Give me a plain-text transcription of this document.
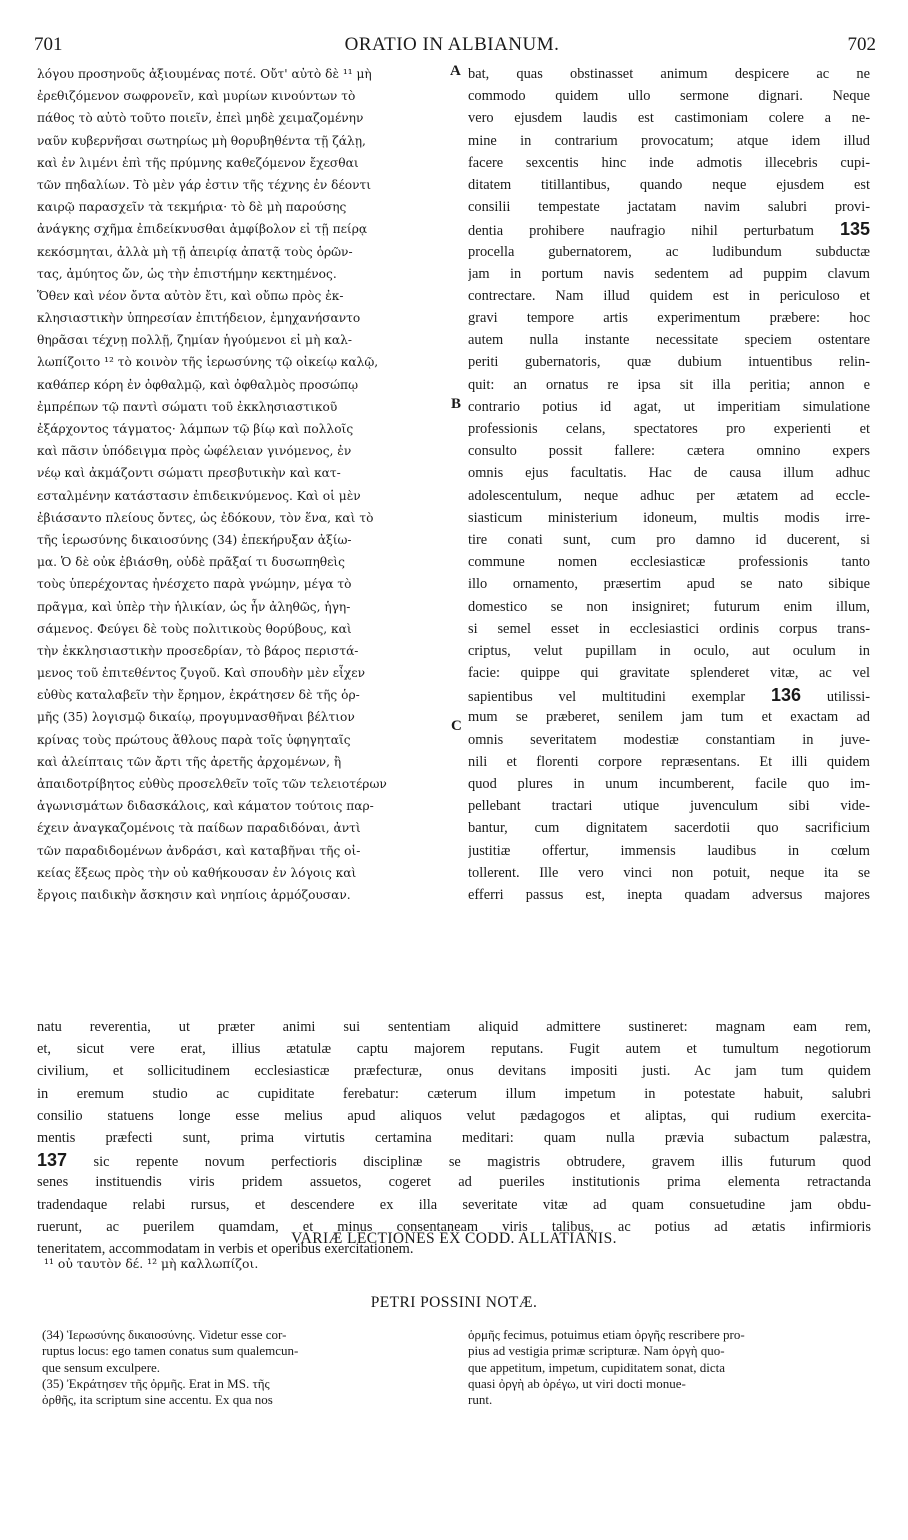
701	ORATIO IN ALBIANUM.	702
λόγου προσηνοῦς ἀξιουμένας ποτέ. Οὔτ' αὐτὸ δὲ ¹¹ μὴ
ἐρεθιζόμενον σωφρονεῖν, καὶ μυρίων κινούντων τὸ
πάθος τὸ αὐτὸ τοῦτο ποιεῖν, ἐπεὶ μηδὲ χειμαζομένην
ναῦν κυβερνῆσαι σωτηρίως μὴ θορυβηθέντα τῇ ζάλῃ,
καὶ ἐν λιμένι ἐπὶ τῆς πρύμνης καθεζόμενον ἔχεσθαι
τῶν πηδαλίων. Τὸ μὲν γάρ ἐστιν τῆς τέχνης ἐν δέοντι
καιρῷ παρασχεῖν τὰ τεκμήρια· τὸ δὲ μὴ παρούσης
ἀνάγκης σχῆμα ἐπιδείκνυσθαι ἀμφίβολον εἰ τῇ πείρᾳ
κεκόσμηται, ἀλλὰ μὴ τῇ ἀπειρίᾳ ἀπατᾷ τοὺς ὁρῶν-
τας, ἀμύητος ὤν, ὡς τὴν ἐπιστήμην κεκτημένος.
Ὅθεν καὶ νέον ὄντα αὐτὸν ἔτι, καὶ οὔπω πρὸς ἐκ-
κλησιαστικὴν ὑπηρεσίαν ἐπιτήδειον, ἐμηχανήσαντο
θηρᾶσαι τέχνῃ πολλῇ, ζημίαν ἡγούμενοι εἰ μὴ καλ-
λωπίζοιτο ¹² τὸ κοινὸν τῆς ἱερωσύνης τῷ οἰκείῳ καλῷ,
καθάπερ κόρη ἐν ὀφθαλμῷ, καὶ ὀφθαλμὸς προσώπῳ
ἐμπρέπων τῷ παντὶ σώματι τοῦ ἐκκλησιαστικοῦ
ἐξάρχοντος τάγματος· λάμπων τῷ βίῳ καὶ πολλοῖς
καὶ πᾶσιν ὑπόδειγμα πρὸς ὠφέλειαν γινόμενος, ἐν
νέῳ καὶ ἀκμάζοντι σώματι πρεσβυτικὴν καὶ κατ-
εσταλμένην κατάστασιν ἐπιδεικνύμενος. Καὶ οἱ μὲν
ἐβιάσαντο πλείους ὄντες, ὡς ἐδόκουν, τὸν ἕνα, καὶ τὸ
τῆς ἱερωσύνης δικαιοσύνης (34) ἐπεκήρυξαν ἀξίω-
μα. Ὁ δὲ οὐκ ἐβιάσθη, οὐδὲ πρᾶξαί τι δυσωπηθεὶς
τοὺς ὑπερέχοντας ἠνέσχετο παρὰ γνώμην, μέγα τὸ
πρᾶγμα, καὶ ὑπὲρ τὴν ἡλικίαν, ὡς ἦν ἀληθῶς, ἡγη-
σάμενος. Φεύγει δὲ τοὺς πολιτικοὺς θορύβους, καὶ
τὴν ἐκκλησιαστικὴν προσεδρίαν, τὸ βάρος περιστά-
μενος τοῦ ἐπιτεθέντος ζυγοῦ. Καὶ σπουδὴν μὲν εἶχεν
εὐθὺς καταλαβεῖν τὴν ἔρημον, ἐκράτησεν δὲ τῆς ὁρ-
μῆς (35) λογισμῷ δικαίῳ, προγυμνασθῆναι βέλτιον
κρίνας τοὺς πρώτους ἄθλους παρὰ τοῖς ὑφηγηταῖς
καὶ ἀλείπταις τῶν ἄρτι τῆς ἀρετῆς ἀρχομένων, ἢ
ἀπαιδοτρίβητος εὐθὺς προσελθεῖν τοῖς τῶν τελειοτέρων
ἀγωνισμάτων διδασκάλοις, καὶ κάματον τούτοις παρ-
έχειν ἀναγκαζομένοις τὰ παίδων παραδιδόναι, ἀντὶ
τῶν παραδιδομένων ἀνδράσι, καὶ καταβῆναι τῆς οἰ-
κείας ἕξεως πρὸς τὴν οὐ καθήκουσαν ἐν λόγοις καὶ
ἔργοις παιδικὴν ἄσκησιν καὶ νηπίοις ἁρμόζουσαν.
bat, quas obstinasset animum despicere ac ne
commodo quidem ullo sermone dignari. Neque
vero ejusdem laudis est castimoniam colere a ne-
mine in contrarium provocatum; atque idem illud
facere sexcentis hinc inde admotis illecebris cupi-
ditatem titillantibus, quando neque ejusdem est
consilii tempestate jactatam navim salubri provi-
dentia prohibere naufragio nihil perturbatum 135
procella gubernatorem, ac ludibundum subductæ
jam in portum navis sedentem ad puppim clavum
contrectare. Nam illud quidem est in periculoso et
gravi tempore artis experimentum præbere: hoc
autem nulla instante necessitate speciem ostentare
periti gubernatoris, quæ dubium intuentibus relin-
quit: an ornatus re ipsa sit illa peritia; annon e
contrario potius id agat, ut imperitiam simulatione
professionis celans, spectatores pro experienti et
consulto possit fallere: cætera omnino expers
omnis ejus facultatis. Hac de causa illum adhuc
adolescentulum, neque adhuc per ætatem ad eccle-
siasticum ministerium idoneum, multis modis irre-
tire conati sunt, cum pro damno id ducerent, si
commune nomen ecclesiasticæ professionis tanto
illo ornamento, præsertim apud se nato sibique
domestico se non insigniret; futurum enim illum,
si semel esset in ecclesiastici ordinis corpus trans-
criptus, velut pupillam in oculo, aut oculum in
facie: quippe qui gravitate splenderet vitæ, ac vel
sapientibus vel multitudini exemplar 136 utilissi-
mum se præberet, senilem jam tum et exactam ad
omnis severitatem modestiæ constantiam in juve-
nili et florenti corpore repræsentans. Et illi quidem
quod plures in unum incumberent, facile quo im-
pellebant tractari utique juvenculum sibi vide-
bantur, cum dignitatem sacerdotii quo sacrificium
justitiæ offertur, immensis laudibus in cœlum
tollerent. Ille vero vinci non potuit, neque ita se
efferri passus est, inepta quadam adversus majores
A
B
C
natu reverentia, ut præter animi sui sententiam aliquid admittere sustineret: magnam eam rem,
et, sicut vere erat, illius ætatulæ captu majorem reputans. Fugit autem et tumultum negotiorum
civilium, et sollicitudinem ecclesiasticæ præfecturæ, onus devitans impositi justi. Ac jam tum quidem
in eremum studio ac cupiditate ferebatur: cæterum illum impetum in potestate habuit, salubri
consilio statuens longe esse melius apud aliquos velut pædagogos et aliptas, qui rudium exercita-
mentis præfecti sunt, prima virtutis certamina meditari: quam nulla prævia subactum palæstra,
137 sic repente novum perfectioris disciplinæ se magistris obtrudere, gravem illis futurum quod
senes instituendis viris pridem assuetos, cogeret ad pueriles institutionis prima elementa retractanda
tradendaque relabi rursus, et descendere ex illa severitate vitæ ad quam consuetudine jam obdu-
ruerunt, ac puerilem quamdam, et minus consentaneam viris talibus, ac potius ad ætatis infirmioris
teneritatem, accommodatam in verbis et operibus exercitationem.
VARIÆ LECTIONES EX CODD. ALLATIANIS.
¹¹ οὐ ταυτὸν δέ. ¹² μὴ καλλωπίζοι.
PETRI POSSINI NOTÆ.
(34) Ἱερωσύνης δικαιοσύνης. Videtur esse cor-
ruptus locus: ego tamen conatus sum qualemcun-
que sensum exculpere.
(35) Ἐκράτησεν τῆς ὀρμῆς. Erat in MS. τῆς
ὀρθῆς, ita scriptum sine accentu. Ex qua nos
ὁρμῆς fecimus, potuimus etiam ὀργῆς rescribere pro-
pius ad vestigia primæ scripturæ. Nam ὀργὴ quo-
que appetitum, impetum, cupiditatem sonat, dicta
quasi ὀργὴ ab ὀρέγω, ut viri docti monue-
runt.
